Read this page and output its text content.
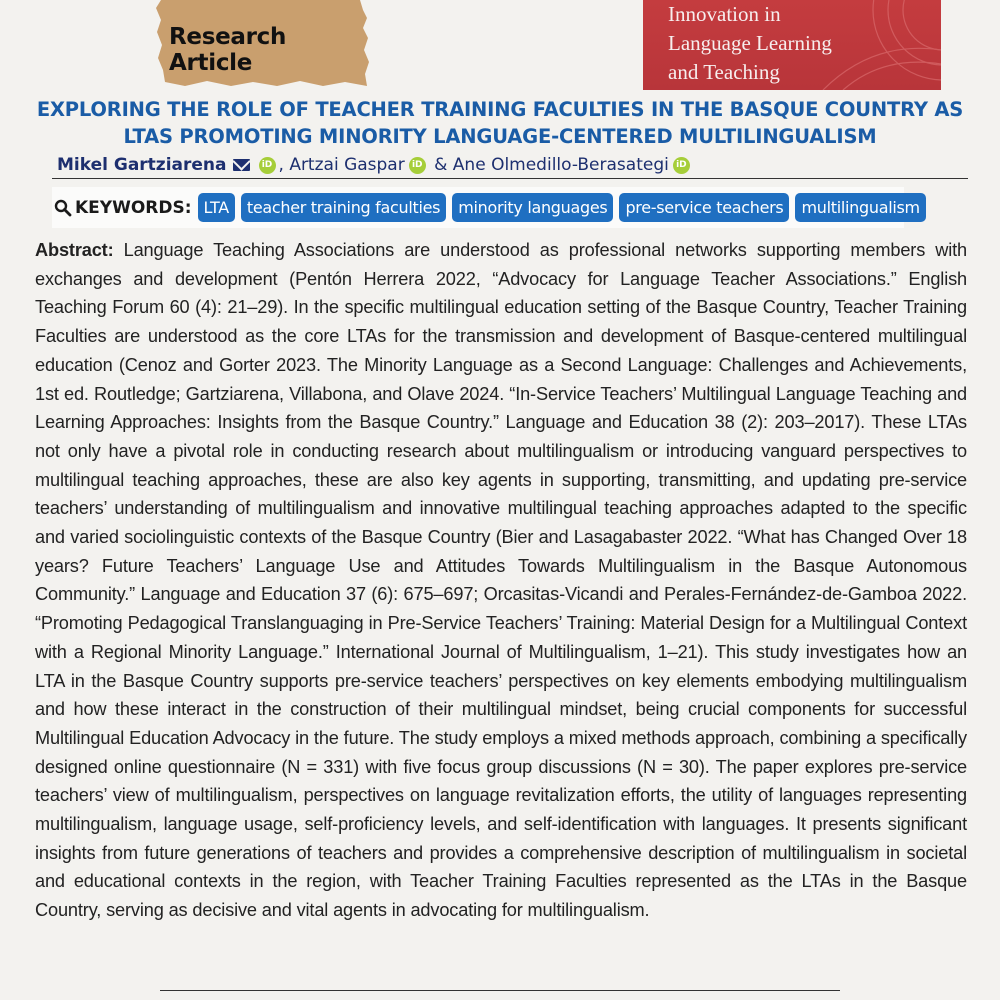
Research Article
Innovation in
Language Learning
and Teaching
EXPLORING THE ROLE OF TEACHER TRAINING FACULTIES IN THE BASQUE COUNTRY AS
LTAS PROMOTING MINORITY LANGUAGE-CENTERED MULTILINGUALISM
Mikel Gartziarena	iD , Artzai Gaspar iD & Ane Olmedillo-Berasategi iD
KEYWORDS: LTA	teacher training faculties	minority languages	pre-service teachers	multilingualism
Abstract: Language Teaching Associations are understood as professional networks supporting members with exchanges and development (Pentón Herrera 2022, “Advocacy for Language Teacher Associations.” English Teaching Forum 60 (4): 21–29). In the specific multilingual education setting of the Basque Country, Teacher Training Faculties are understood as the core LTAs for the transmission and development of Basque-centered multilingual education (Cenoz and Gorter 2023. The Minority Language as a Second Language: Challenges and Achievements, 1st ed. Routledge; Gartziarena, Villabona, and Olave 2024. “In-Service Teachers’ Multilingual Language Teaching and Learning Approaches: Insights from the Basque Country.” Language and Education 38 (2): 203–2017). These LTAs not only have a pivotal role in conducting research about multilingualism or introducing vanguard perspectives to multilingual teaching approaches, these are also key agents in supporting, transmitting, and updating pre-service teachers’ understanding of multilingualism and innovative multilingual teaching approaches adapted to the specific and varied sociolinguistic contexts of the Basque Country (Bier and Lasagabaster 2022. “What has Changed Over 18 years? Future Teachers’ Language Use and Attitudes Towards Multilingualism in the Basque Autonomous Community.” Language and Education 37 (6): 675–697; Orcasitas-Vicandi and Perales-Fernández-de-Gamboa 2022. “Promoting Pedagogical Translanguaging in Pre-Service Teachers’ Training: Material Design for a Multilingual Context with a Regional Minority Language.” International Journal of Multilingualism, 1–21). This study investigates how an LTA in the Basque Country supports pre-service teachers’ perspectives on key elements embodying multilingualism and how these interact in the construction of their multilingual mindset, being crucial components for successful Multilingual Education Advocacy in the future. The study employs a mixed methods approach, combining a specifically designed online questionnaire (N = 331) with five focus group discussions (N = 30). The paper explores pre-service teachers’ view of multilingualism, perspectives on language revitalization efforts, the utility of languages representing multilingualism, language usage, self-proficiency levels, and self-identification with languages. It presents significant insights from future generations of teachers and provides a comprehensive description of multilingualism in societal and educational contexts in the region, with Teacher Training Faculties represented as the LTAs in the Basque Country, serving as decisive and vital agents in advocating for multilingualism.
